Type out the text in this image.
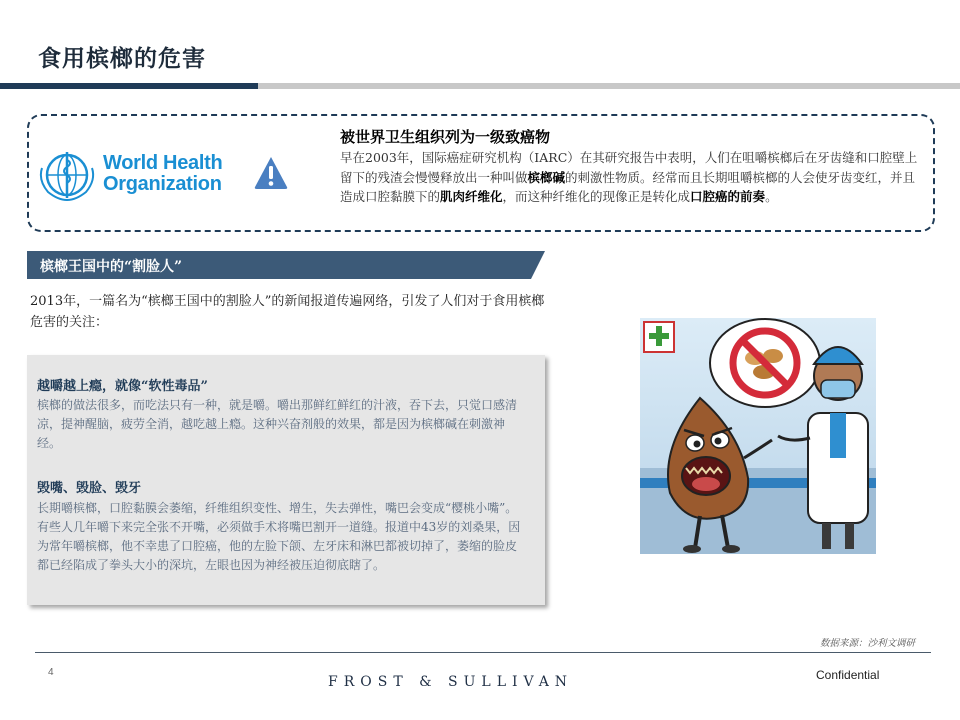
食用槟榔的危害
World Health
Organization
被世界卫生组织列为一级致癌物
早在2003年，国际癌症研究机构（IARC）在其研究报告中表明，人们在咀嚼槟榔后在牙齿缝和口腔壁上留下的残渣会慢慢释放出一种叫做槟榔碱的刺激性物质。经常而且长期咀嚼槟榔的人会使牙齿变红，并且造成口腔黏膜下的肌肉纤维化，而这种纤维化的现像正是转化成口腔癌的前奏。
槟榔王国中的“割脸人”
2013年，一篇名为“槟榔王国中的割脸人”的新闻报道传遍网络，引发了人们对于食用槟榔危害的关注：
越嚼越上瘾，就像“软性毒品”
槟榔的做法很多，而吃法只有一种，就是嚼。嚼出那鲜红鲜红的汁液，吞下去，只觉口感清凉，提神醒脑，疲劳全消，越吃越上瘾。这种兴奋剂般的效果，都是因为槟榔碱在刺激神经。
毁嘴、毁脸、毁牙
长期嚼槟榔，口腔黏膜会萎缩，纤维组织变性、增生，失去弹性，嘴巴会变成“樱桃小嘴”。有些人几年嚼下来完全张不开嘴，必须做手术将嘴巴割开一道缝。报道中43岁的刘桑果，因为常年嚼槟榔，他不幸患了口腔癌，他的左脸下颌、左牙床和淋巴都被切掉了，萎缩的脸皮都已经陷成了拳头大小的深坑，左眼也因为神经被压迫彻底瞎了。
数据来源：沙利文调研
4
FROST & SULLIVAN	Confidential
